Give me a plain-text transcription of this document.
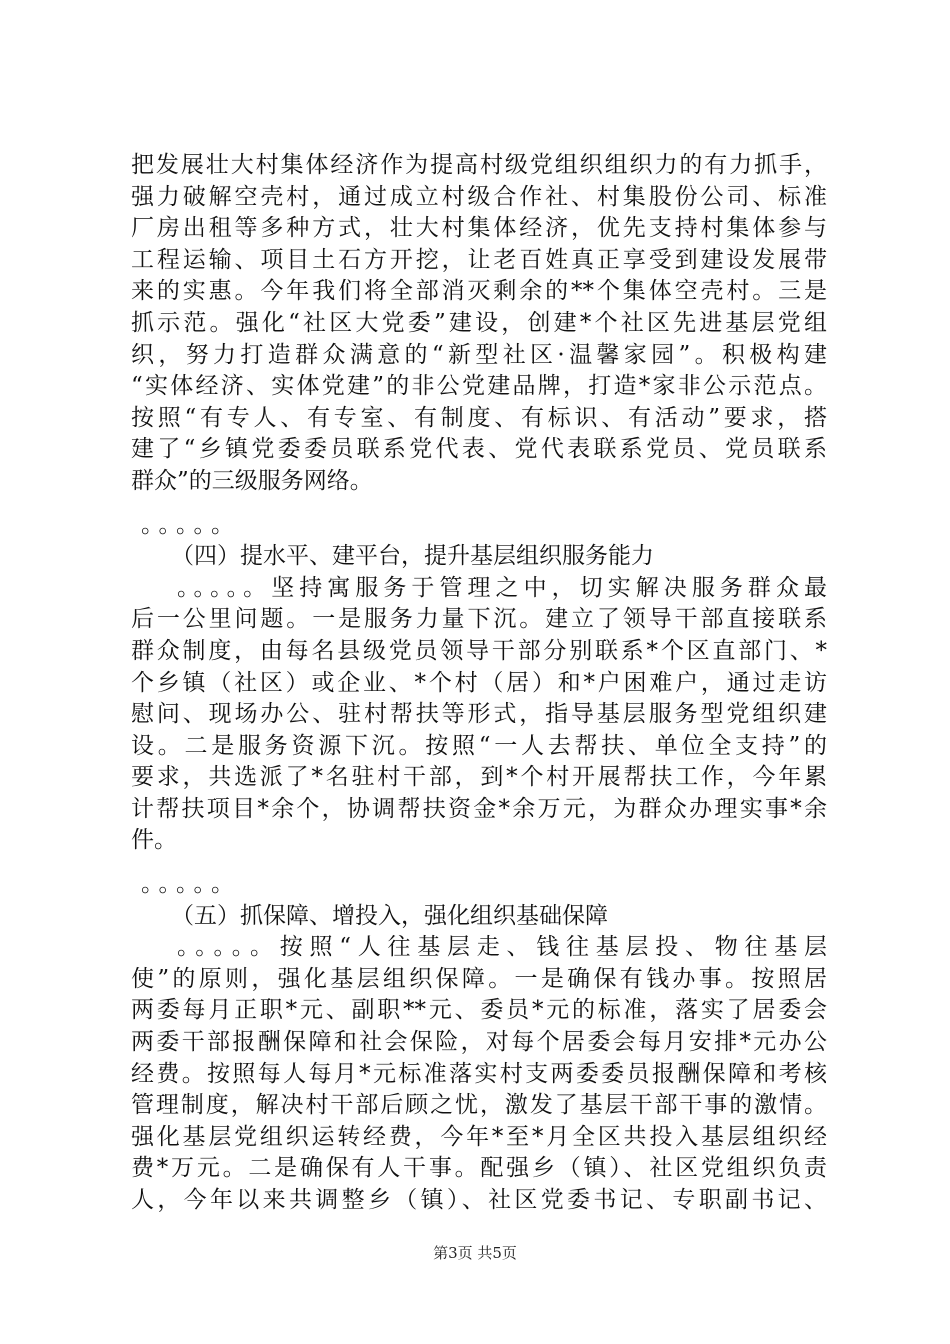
把发展壮大村集体经济作为提高村级党组织组织力的有力抓手，
强力破解空壳村，通过成立村级合作社、村集股份公司、标准
厂房出租等多种方式，壮大村集体经济，优先支持村集体参与
工程运输、项目土石方开挖，让老百姓真正享受到建设发展带
来的实惠。今年我们将全部消灭剩余的**个集体空壳村。三是
抓示范。强化“社区大党委”建设，创建*个社区先进基层党组
织，努力打造群众满意的“新型社区·温馨家园”。积极构建
“实体经济、实体党建”的非公党建品牌，打造*家非公示范点。
按照“有专人、有专室、有制度、有标识、有活动”要求，搭
建了“乡镇党委委员联系党代表、党代表联系党员、党员联系
群众”的三级服务网络。
。。。。。
（四）提水平、建平台，提升基层组织服务能力
。。。。。坚持寓服务于管理之中，切实解决服务群众最
后一公里问题。一是服务力量下沉。建立了领导干部直接联系
群众制度，由每名县级党员领导干部分别联系*个区直部门、*
个乡镇（社区）或企业、*个村（居）和*户困难户，通过走访
慰问、现场办公、驻村帮扶等形式，指导基层服务型党组织建
设。二是服务资源下沉。按照“一人去帮扶、单位全支持”的
要求，共选派了*名驻村干部，到*个村开展帮扶工作，今年累
计帮扶项目*余个，协调帮扶资金*余万元，为群众办理实事*余
件。
。。。。。
（五）抓保障、增投入，强化组织基础保障
。。。。。按照“人往基层走、钱往基层投、物往基层
使”的原则，强化基层组织保障。一是确保有钱办事。按照居
两委每月正职*元、副职**元、委员*元的标准，落实了居委会
两委干部报酬保障和社会保险，对每个居委会每月安排*元办公
经费。按照每人每月*元标准落实村支两委委员报酬保障和考核
管理制度，解决村干部后顾之忧，激发了基层干部干事的激情。
强化基层党组织运转经费，今年*至*月全区共投入基层组织经
费*万元。二是确保有人干事。配强乡（镇）、社区党组织负责
人，今年以来共调整乡（镇）、社区党委书记、专职副书记、
第3页 共5页
